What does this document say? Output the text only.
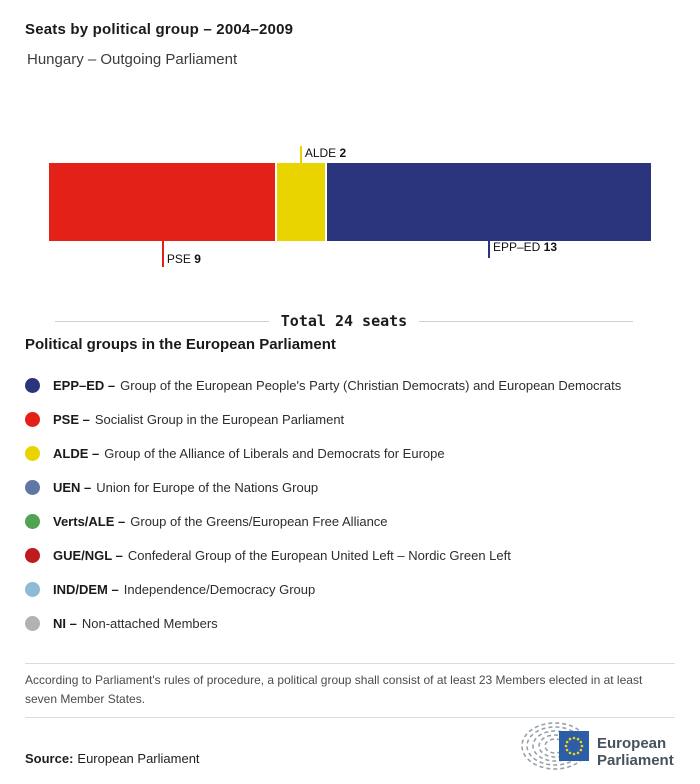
Seats by political group – 2004–2009
Hungary – Outgoing Parliament
PSE 9
ALDE 2
EPP–ED 13
Total 24 seats
Political groups in the European Parliament
EPP–ED – Group of the European People's Party (Christian Democrats) and European Democrats
PSE – Socialist Group in the European Parliament
ALDE – Group of the Alliance of Liberals and Democrats for Europe
UEN – Union for Europe of the Nations Group
Verts/ALE – Group of the Greens/European Free Alliance
GUE/NGL – Confederal Group of the European United Left – Nordic Green Left
IND/DEM – Independence/Democracy Group
NI – Non-attached Members
According to Parliament's rules of procedure, a political group shall consist of at least 23 Members elected in at least seven Member States.
Source: European Parliament
European
Parliament
